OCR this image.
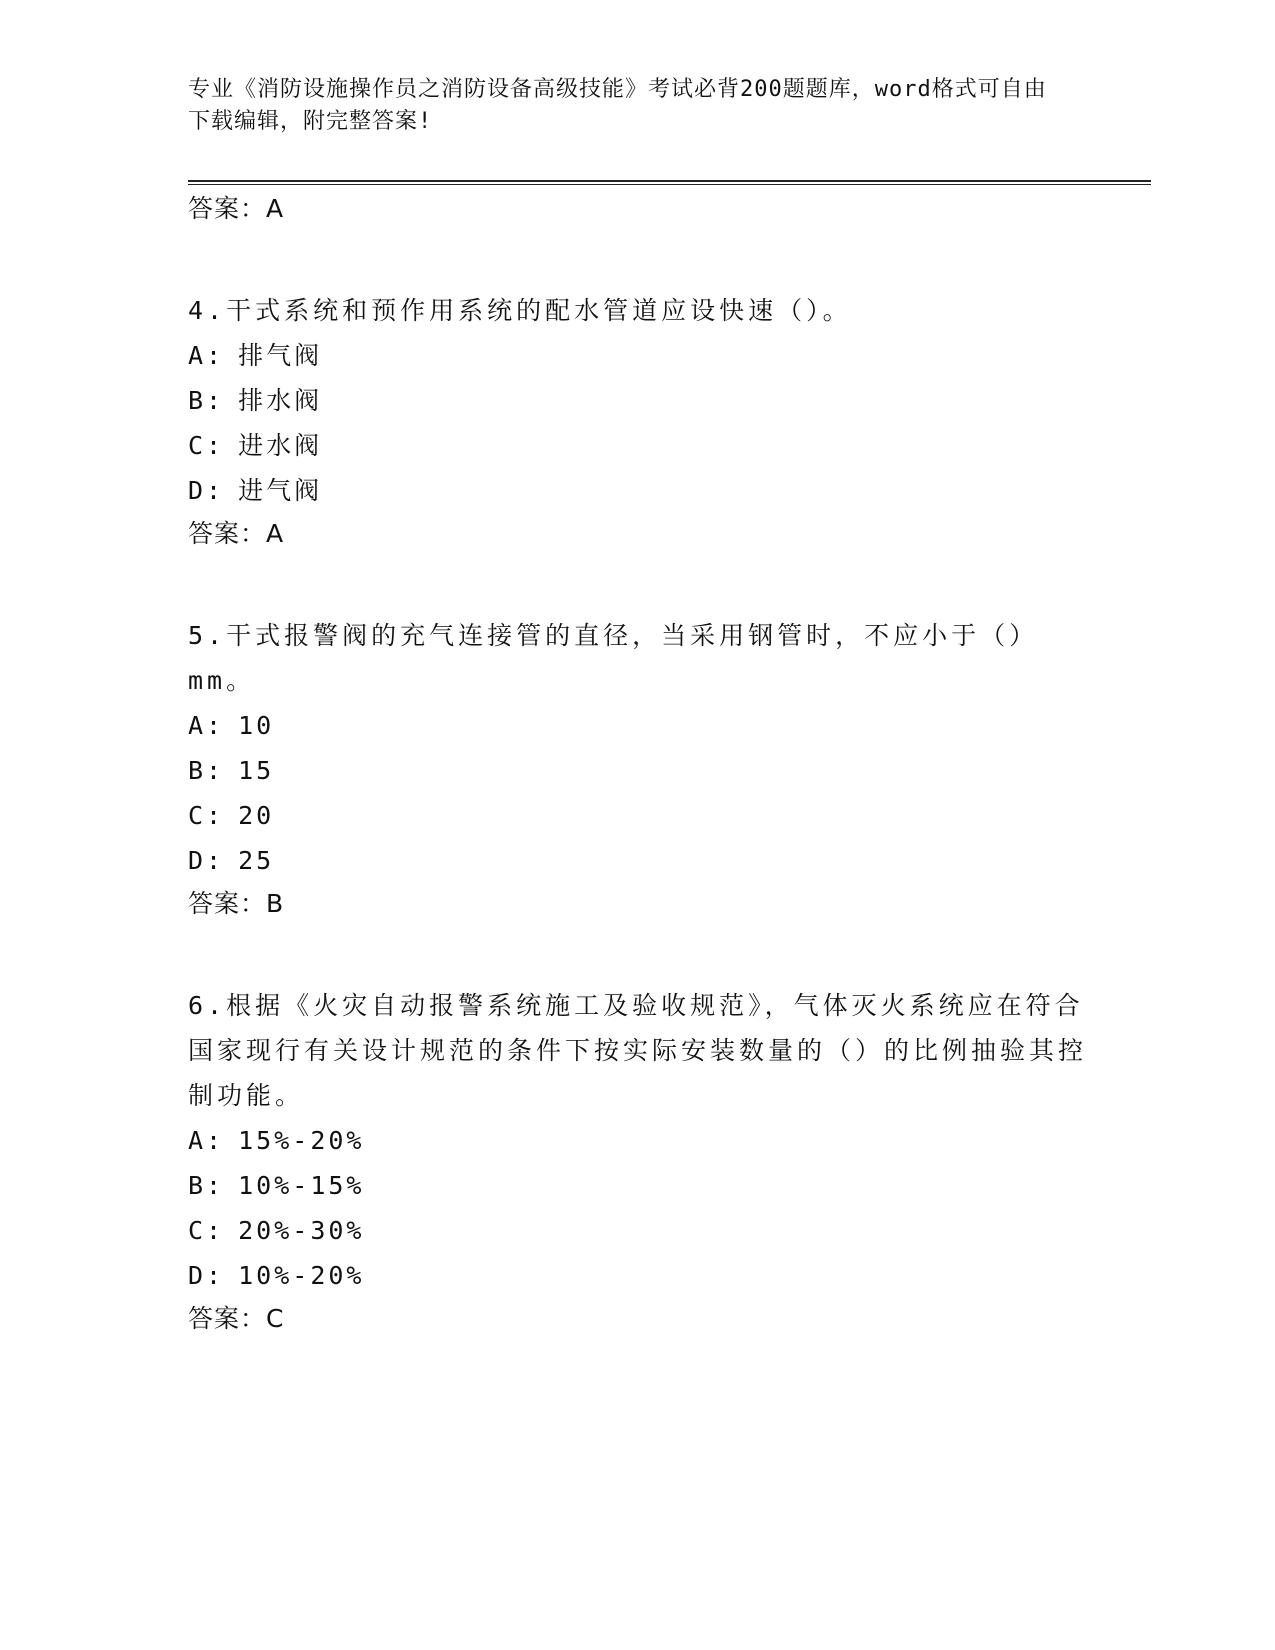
专业《消防设施操作员之消防设备高级技能》考试必背200题题库，word格式可自由下载编辑，附完整答案!
答案：A
4.干式系统和预作用系统的配水管道应设快速（）。
A: 排气阀
B: 排水阀
C: 进水阀
D: 进气阀
答案：A
5.干式报警阀的充气连接管的直径，当采用钢管时，不应小于（）mm。
A: 10
B: 15
C: 20
D: 25
答案：B
6.根据《火灾自动报警系统施工及验收规范》，气体灭火系统应在符合国家现行有关设计规范的条件下按实际安装数量的（）的比例抽验其控制功能。
A: 15%-20%
B: 10%-15%
C: 20%-30%
D: 10%-20%
答案：C
